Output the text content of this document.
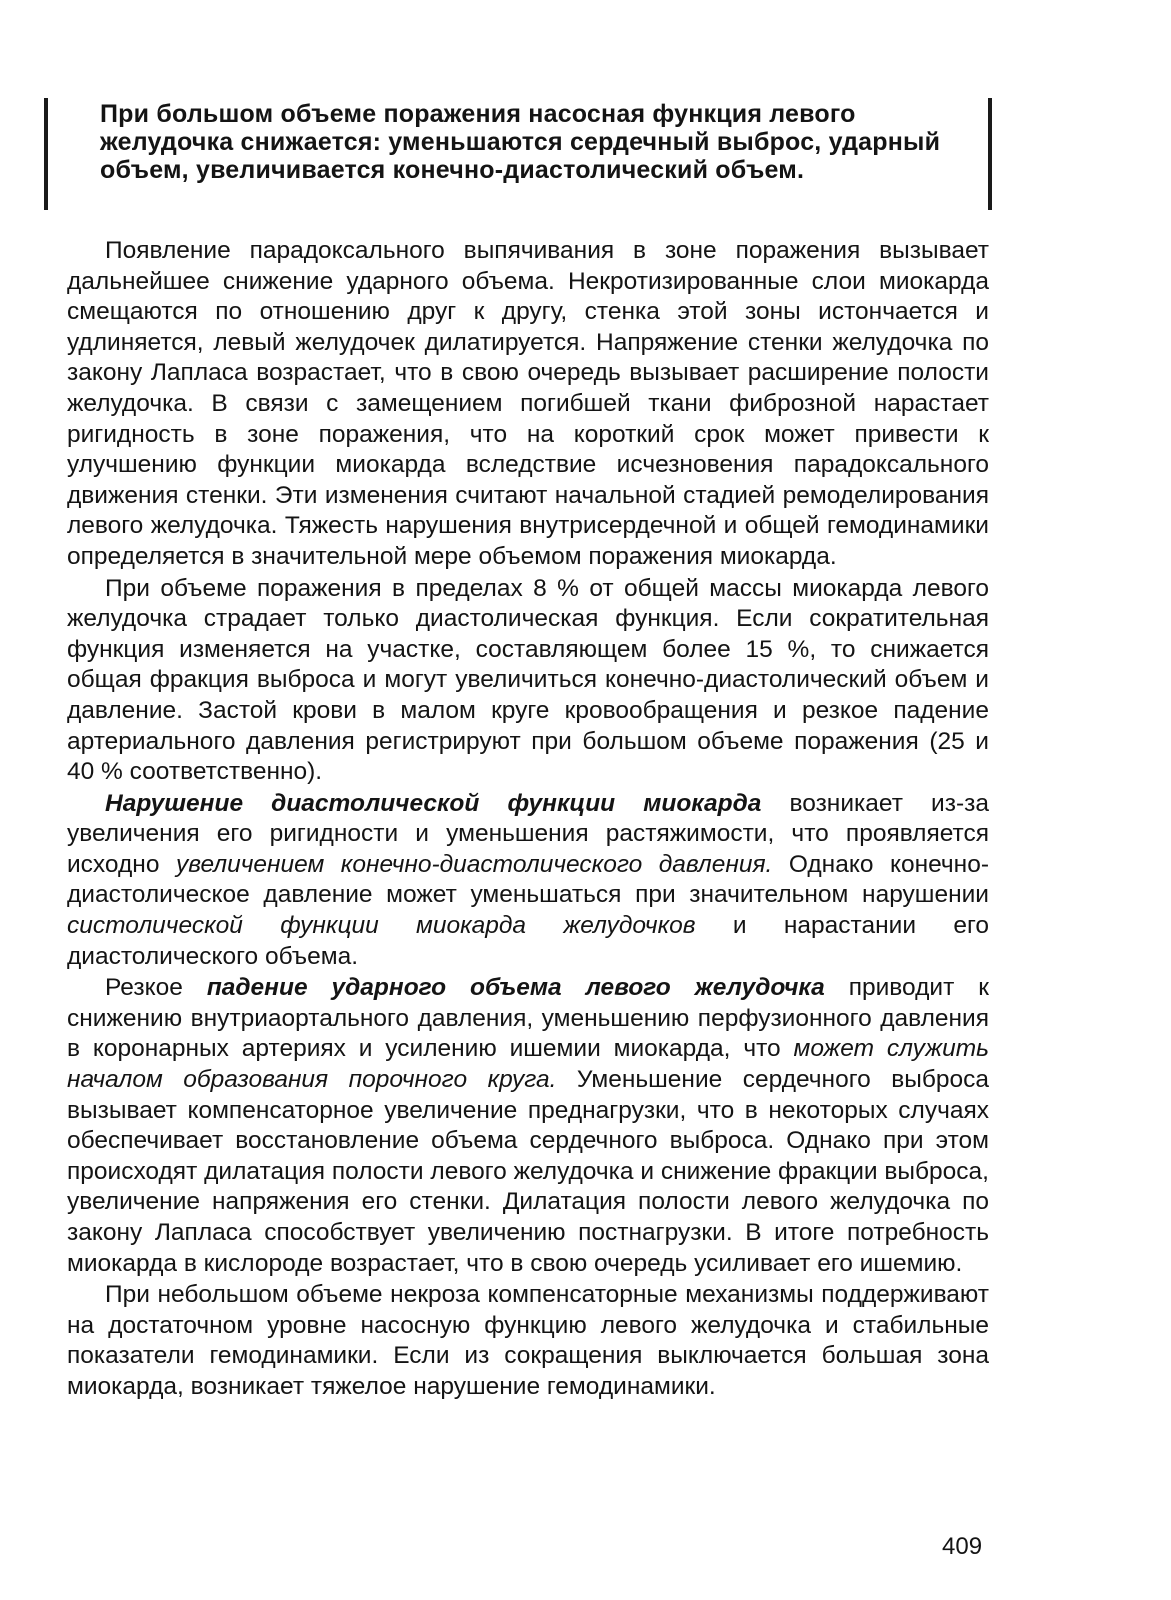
При большом объеме поражения насосная функция левого желудочка снижается: уменьшаются сердечный выброс, ударный объем, увеличивается конечно-диастолический объем.

Появление парадоксального выпячивания в зоне поражения вызывает дальнейшее снижение ударного объема. Некротизированные слои миокарда смещаются по отношению друг к другу, стенка этой зоны истончается и удлиняется, левый желудочек дилатируется. Напряжение стенки желудочка по закону Лапласа возрастает, что в свою очередь вызывает расширение полости желудочка. В связи с замещением погибшей ткани фиброзной нарастает ригидность в зоне поражения, что на короткий срок может привести к улучшению функции миокарда вследствие исчезновения парадоксального движения стенки. Эти изменения считают начальной стадией ремоделирования левого желудочка. Тяжесть нарушения внутрисердечной и общей гемодинамики определяется в значительной мере объемом поражения миокарда.

При объеме поражения в пределах 8 % от общей массы миокарда левого желудочка страдает только диастолическая функция. Если сократительная функция изменяется на участке, составляющем более 15 %, то снижается общая фракция выброса и могут увеличиться конечно-диастолический объем и давление. Застой крови в малом круге кровообращения и резкое падение артериального давления регистрируют при большом объеме поражения (25 и 40 % соответственно).

Нарушение диастолической функции миокарда возникает из-за увеличения его ригидности и уменьшения растяжимости, что проявляется исходно увеличением конечно-диастолического давления. Однако конечно-диастолическое давление может уменьшаться при значительном нарушении систолической функции миокарда желудочков и нарастании его диастолического объема.

Резкое падение ударного объема левого желудочка приводит к снижению внутриаортального давления, уменьшению перфузионного давления в коронарных артериях и усилению ишемии миокарда, что может служить началом образования порочного круга. Уменьшение сердечного выброса вызывает компенсаторное увеличение преднагрузки, что в некоторых случаях обеспечивает восстановление объема сердечного выброса. Однако при этом происходят дилатация полости левого желудочка и снижение фракции выброса, увеличение напряжения его стенки. Дилатация полости левого желудочка по закону Лапласа способствует увеличению постнагрузки. В итоге потребность миокарда в кислороде возрастает, что в свою очередь усиливает его ишемию.

При небольшом объеме некроза компенсаторные механизмы поддерживают на достаточном уровне насосную функцию левого желудочка и стабильные показатели гемодинамики. Если из сокращения выключается большая зона миокарда, возникает тяжелое нарушение гемодинамики.

409
